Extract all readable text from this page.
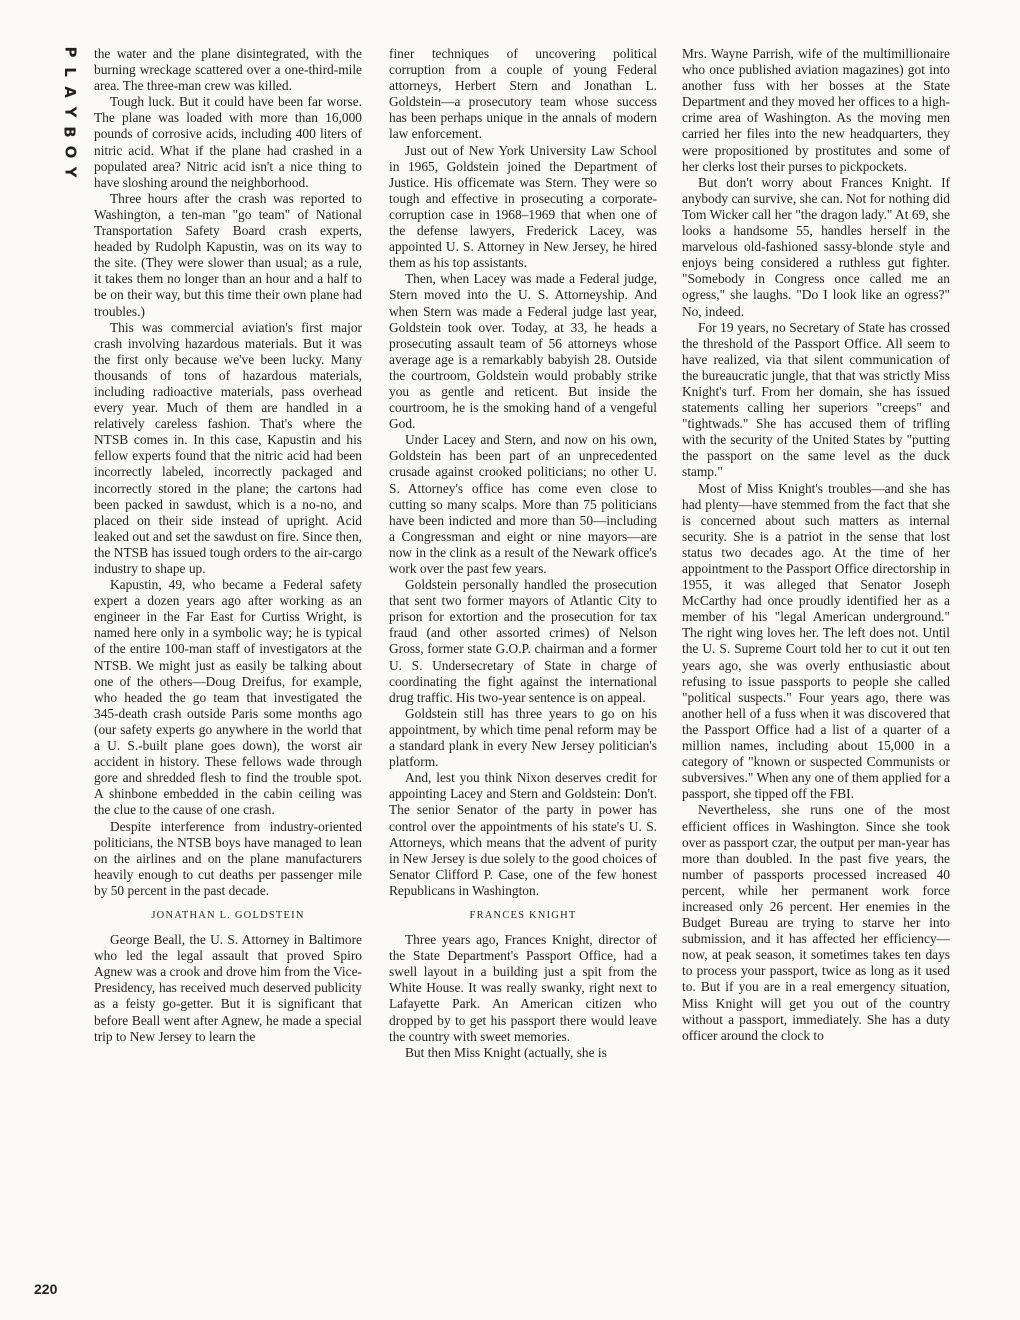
P
L
A
Y
B
O
Y
220

the water and the plane disintegrated, with the burning wreckage scattered over a one-third-mile area. The three-man crew was killed.

Tough luck. But it could have been far worse. The plane was loaded with more than 16,000 pounds of corrosive acids, including 400 liters of nitric acid. What if the plane had crashed in a populated area? Nitric acid isn't a nice thing to have sloshing around the neighborhood.

Three hours after the crash was reported to Washington, a ten-man "go team" of National Transportation Safety Board crash experts, headed by Rudolph Kapustin, was on its way to the site. (They were slower than usual; as a rule, it takes them no longer than an hour and a half to be on their way, but this time their own plane had troubles.)

This was commercial aviation's first major crash involving hazardous materials. But it was the first only because we've been lucky. Many thousands of tons of hazardous materials, including radioactive materials, pass overhead every year. Much of them are handled in a relatively careless fashion. That's where the NTSB comes in. In this case, Kapustin and his fellow experts found that the nitric acid had been incorrectly labeled, incorrectly packaged and incorrectly stored in the plane; the cartons had been packed in sawdust, which is a no-no, and placed on their side instead of upright. Acid leaked out and set the sawdust on fire. Since then, the NTSB has issued tough orders to the air-cargo industry to shape up.

Kapustin, 49, who became a Federal safety expert a dozen years ago after working as an engineer in the Far East for Curtiss Wright, is named here only in a symbolic way; he is typical of the entire 100-man staff of investigators at the NTSB. We might just as easily be talking about one of the others—Doug Dreifus, for example, who headed the go team that investigated the 345-death crash outside Paris some months ago (our safety experts go anywhere in the world that a U. S.-built plane goes down), the worst air accident in history. These fellows wade through gore and shredded flesh to find the trouble spot. A shinbone embedded in the cabin ceiling was the clue to the cause of one crash.

Despite interference from industry-oriented politicians, the NTSB boys have managed to lean on the airlines and on the plane manufacturers heavily enough to cut deaths per passenger mile by 50 percent in the past decade.

JONATHAN L. GOLDSTEIN

George Beall, the U. S. Attorney in Baltimore who led the legal assault that proved Spiro Agnew was a crook and drove him from the Vice-Presidency, has received much deserved publicity as a feisty go-getter. But it is significant that before Beall went after Agnew, he made a special trip to New Jersey to learn the

finer techniques of uncovering political corruption from a couple of young Federal attorneys, Herbert Stern and Jonathan L. Goldstein—a prosecutory team whose success has been perhaps unique in the annals of modern law enforcement.

Just out of New York University Law School in 1965, Goldstein joined the Department of Justice. His officemate was Stern. They were so tough and effective in prosecuting a corporate-corruption case in 1968–1969 that when one of the defense lawyers, Frederick Lacey, was appointed U. S. Attorney in New Jersey, he hired them as his top assistants.

Then, when Lacey was made a Federal judge, Stern moved into the U. S. Attorneyship. And when Stern was made a Federal judge last year, Goldstein took over. Today, at 33, he heads a prosecuting assault team of 56 attorneys whose average age is a remarkably babyish 28. Outside the courtroom, Goldstein would probably strike you as gentle and reticent. But inside the courtroom, he is the smoking hand of a vengeful God.

Under Lacey and Stern, and now on his own, Goldstein has been part of an unprecedented crusade against crooked politicians; no other U. S. Attorney's office has come even close to cutting so many scalps. More than 75 politicians have been indicted and more than 50—including a Congressman and eight or nine mayors—are now in the clink as a result of the Newark office's work over the past few years.

Goldstein personally handled the prosecution that sent two former mayors of Atlantic City to prison for extortion and the prosecution for tax fraud (and other assorted crimes) of Nelson Gross, former state G.O.P. chairman and a former U. S. Undersecretary of State in charge of coordinating the fight against the international drug traffic. His two-year sentence is on appeal.

Goldstein still has three years to go on his appointment, by which time penal reform may be a standard plank in every New Jersey politician's platform.

And, lest you think Nixon deserves credit for appointing Lacey and Stern and Goldstein: Don't. The senior Senator of the party in power has control over the appointments of his state's U. S. Attorneys, which means that the advent of purity in New Jersey is due solely to the good choices of Senator Clifford P. Case, one of the few honest Republicans in Washington.

FRANCES KNIGHT

Three years ago, Frances Knight, director of the State Department's Passport Office, had a swell layout in a building just a spit from the White House. It was really swanky, right next to Lafayette Park. An American citizen who dropped by to get his passport there would leave the country with sweet memories.

But then Miss Knight (actually, she is

Mrs. Wayne Parrish, wife of the multimillionaire who once published aviation magazines) got into another fuss with her bosses at the State Department and they moved her offices to a high-crime area of Washington. As the moving men carried her files into the new headquarters, they were propositioned by prostitutes and some of her clerks lost their purses to pickpockets.

But don't worry about Frances Knight. If anybody can survive, she can. Not for nothing did Tom Wicker call her "the dragon lady." At 69, she looks a handsome 55, handles herself in the marvelous old-fashioned sassy-blonde style and enjoys being considered a ruthless gut fighter. "Somebody in Congress once called me an ogress," she laughs. "Do I look like an ogress?" No, indeed.

For 19 years, no Secretary of State has crossed the threshold of the Passport Office. All seem to have realized, via that silent communication of the bureaucratic jungle, that that was strictly Miss Knight's turf. From her domain, she has issued statements calling her superiors "creeps" and "tightwads." She has accused them of trifling with the security of the United States by "putting the passport on the same level as the duck stamp."

Most of Miss Knight's troubles—and she has had plenty—have stemmed from the fact that she is concerned about such matters as internal security. She is a patriot in the sense that lost status two decades ago. At the time of her appointment to the Passport Office directorship in 1955, it was alleged that Senator Joseph McCarthy had once proudly identified her as a member of his "legal American underground." The right wing loves her. The left does not. Until the U. S. Supreme Court told her to cut it out ten years ago, she was overly enthusiastic about refusing to issue passports to people she called "political suspects." Four years ago, there was another hell of a fuss when it was discovered that the Passport Office had a list of a quarter of a million names, including about 15,000 in a category of "known or suspected Communists or subversives." When any one of them applied for a passport, she tipped off the FBI.

Nevertheless, she runs one of the most efficient offices in Washington. Since she took over as passport czar, the output per man-year has more than doubled. In the past five years, the number of passports processed increased 40 percent, while her permanent work force increased only 26 percent. Her enemies in the Budget Bureau are trying to starve her into submission, and it has affected her efficiency—now, at peak season, it sometimes takes ten days to process your passport, twice as long as it used to. But if you are in a real emergency situation, Miss Knight will get you out of the country without a passport, immediately. She has a duty officer around the clock to
